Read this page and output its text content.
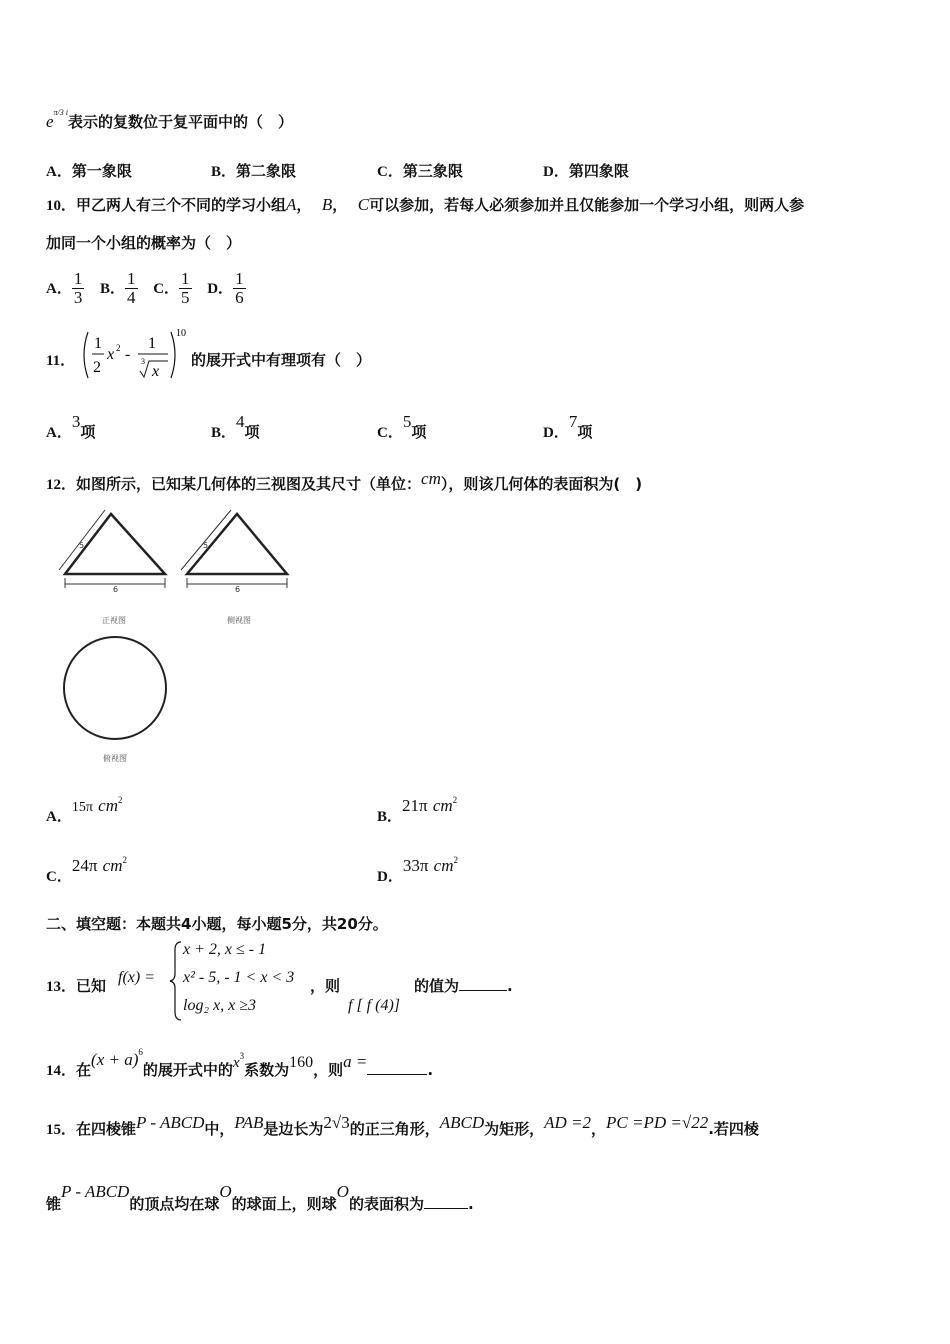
$e^{\pi/3 i}$表示的复数位于复平面中的（　）
A．第一象限	B．第二象限	C．第三象限	D．第四象限
10．甲乙两人有三个不同的学习小组A， B， C可以参加，若每人必须参加并且仅能参加一个学习小组，则两人参
加同一个小组的概率为（　）
A． $\frac{1}{3}$ B． $\frac{1}{4}$ C． $\frac{1}{5}$ D． $\frac{1}{6}$
11．
1
2
x 2 -
1
3
x
10
的展开式中有理项有（　）
A．3项	B．4项	C．5项	D．7项
12．如图所示，已知某几何体的三视图及其尺寸（单位：cm），则该几何体的表面积为(　)
5
6
正视图
5
6
侧视图
俯视图
A．15π $cm^2$
B．21π $cm^2$
C．24π $cm^2$
D．33π $cm^2$
二、填空题：本题共4小题，每小题5分，共20分。
13．已知 f(x) =
x + 2, x ≤ - 1
x² - 5, - 1 < x < 3
log₂ x, x ≥3
，则
f [ f (4)]
的值为	.
14．在$(x + a)^6$的展开式中的$x^3$系数为160，则a =	.
15．在四棱锥P - ABCD中，PAB是边长为2√3的正三角形，ABCD为矩形，AD =2，PC =PD =√22.若四棱
锥P - ABCD的顶点均在球O的球面上，则球O的表面积为	.
